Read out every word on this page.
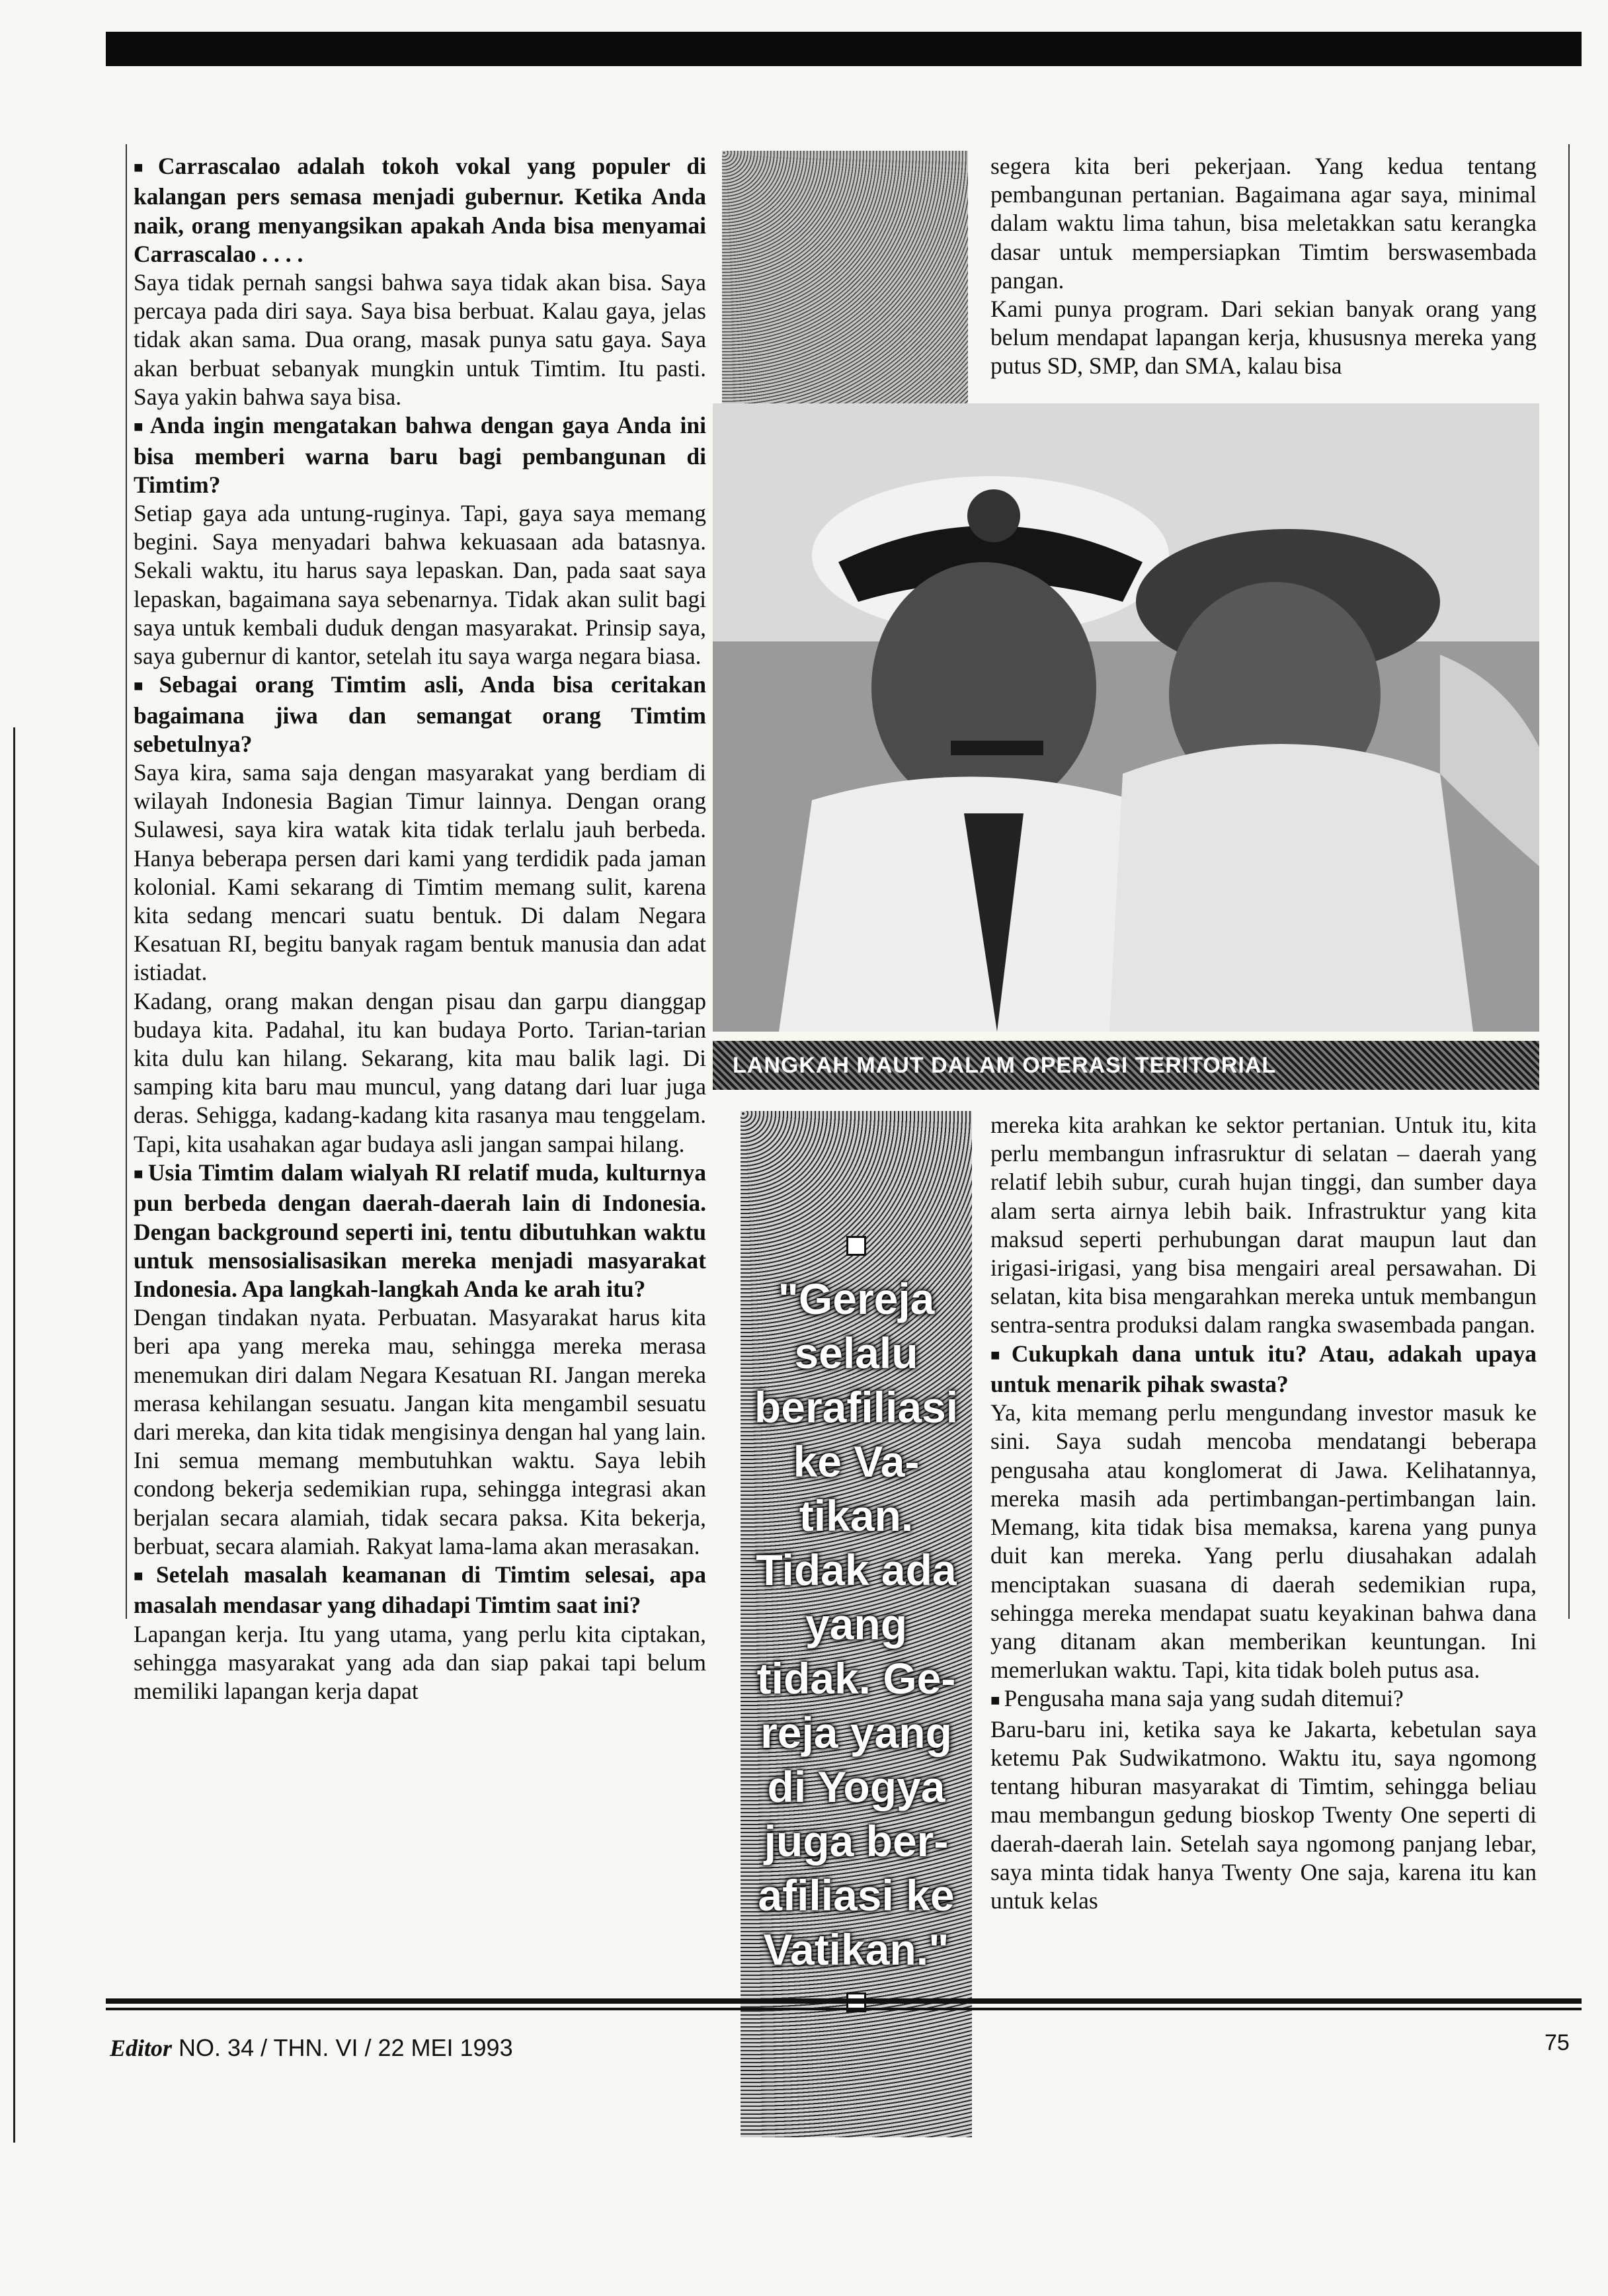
■ Carrascalao adalah tokoh vokal yang populer di kalangan pers semasa menjadi gubernur. Ketika Anda naik, orang menyangsikan apakah Anda bisa menyamai Carrascalao . . . .

Saya tidak pernah sangsi bahwa saya tidak akan bisa. Saya percaya pada diri saya. Saya bisa berbuat. Kalau gaya, jelas tidak akan sama. Dua orang, masak punya satu gaya. Saya akan berbuat sebanyak mungkin untuk Timtim. Itu pasti. Saya yakin bahwa saya bisa.

■ Anda ingin mengatakan bahwa dengan gaya Anda ini bisa memberi warna baru bagi pembangunan di Timtim?

Setiap gaya ada untung-ruginya. Tapi, gaya saya memang begini. Saya menyadari bahwa kekuasaan ada batasnya. Sekali waktu, itu harus saya lepaskan. Dan, pada saat saya lepaskan, bagaimana saya sebenarnya. Tidak akan sulit bagi saya untuk kembali duduk dengan masyarakat. Prinsip saya, saya gubernur di kantor, setelah itu saya warga negara biasa.

■ Sebagai orang Timtim asli, Anda bisa ceritakan bagaimana jiwa dan semangat orang Timtim sebetulnya?

Saya kira, sama saja dengan masyarakat yang berdiam di wilayah Indonesia Bagian Timur lainnya. Dengan orang Sulawesi, saya kira watak kita tidak terlalu jauh berbeda. Hanya beberapa persen dari kami yang terdidik pada jaman kolonial. Kami sekarang di Timtim memang sulit, karena kita sedang mencari suatu bentuk. Di dalam Negara Kesatuan RI, begitu banyak ragam bentuk manusia dan adat istiadat.

Kadang, orang makan dengan pisau dan garpu dianggap budaya kita. Padahal, itu kan budaya Porto. Tarian-tarian kita dulu kan hilang. Sekarang, kita mau balik lagi. Di samping kita baru mau muncul, yang datang dari luar juga deras. Sehigga, kadang-kadang kita rasanya mau tenggelam. Tapi, kita usahakan agar budaya asli jangan sampai hilang.

■ Usia Timtim dalam wialyah RI relatif muda, kulturnya pun berbeda dengan daerah-daerah lain di Indonesia. Dengan background seperti ini, tentu dibutuhkan waktu untuk mensosialisasikan mereka menjadi masyarakat Indonesia. Apa langkah-langkah Anda ke arah itu?

Dengan tindakan nyata. Perbuatan. Masyarakat harus kita beri apa yang mereka mau, sehingga mereka merasa menemukan diri dalam Negara Kesatuan RI. Jangan mereka merasa kehilangan sesuatu. Jangan kita mengambil sesuatu dari mereka, dan kita tidak mengisinya dengan hal yang lain. Ini semua memang membutuhkan waktu. Saya lebih condong bekerja sedemikian rupa, sehingga integrasi akan berjalan secara alamiah, tidak secara paksa. Kita bekerja, berbuat, secara alamiah. Rakyat lama-lama akan merasakan.

■ Setelah masalah keamanan di Timtim selesai, apa masalah mendasar yang dihadapi Timtim saat ini?

Lapangan kerja. Itu yang utama, yang perlu kita ciptakan, sehingga masyarakat yang ada dan siap pakai tapi belum memiliki lapangan kerja dapat

segera kita beri pekerjaan. Yang kedua tentang pembangunan pertanian. Bagaimana agar saya, minimal dalam waktu lima tahun, bisa meletakkan satu kerangka dasar untuk mempersiapkan Timtim berswasembada pangan.

Kami punya program. Dari sekian banyak orang yang belum mendapat lapangan kerja, khususnya mereka yang putus SD, SMP, dan SMA, kalau bisa

LANGKAH MAUT DALAM OPERASI TERITORIAL
"Gereja
selalu
berafiliasi
ke Va-
tikan.
Tidak ada
yang
tidak. Ge-
reja yang
di Yogya
juga ber-
afiliasi ke
Vatikan."

mereka kita arahkan ke sektor pertanian. Untuk itu, kita perlu membangun infrasruktur di selatan – daerah yang relatif lebih subur, curah hujan tinggi, dan sumber daya alam serta airnya lebih baik. Infrastruktur yang kita maksud seperti perhubungan darat maupun laut dan irigasi-irigasi, yang bisa mengairi areal persawahan. Di selatan, kita bisa mengarahkan mereka untuk membangun sentra-sentra produksi dalam rangka swasembada pangan.

■ Cukupkah dana untuk itu? Atau, adakah upaya untuk menarik pihak swasta?

Ya, kita memang perlu mengundang investor masuk ke sini. Saya sudah mencoba mendatangi beberapa pengusaha atau konglomerat di Jawa. Kelihatannya, mereka masih ada pertimbangan-pertimbangan lain. Memang, kita tidak bisa memaksa, karena yang punya duit kan mereka. Yang perlu diusahakan adalah menciptakan suasana di daerah sedemikian rupa, sehingga mereka mendapat suatu keyakinan bahwa dana yang ditanam akan memberikan keuntungan. Ini memerlukan waktu. Tapi, kita tidak boleh putus asa.

■ Pengusaha mana saja yang sudah ditemui?

Baru-baru ini, ketika saya ke Jakarta, kebetulan saya ketemu Pak Sudwikatmono. Waktu itu, saya ngomong tentang hiburan masyarakat di Timtim, sehingga beliau mau membangun gedung bioskop Twenty One seperti di daerah-daerah lain. Setelah saya ngomong panjang lebar, saya minta tidak hanya Twenty One saja, karena itu kan untuk kelas

Editor NO. 34 / THN. VI / 22 MEI 1993	75
